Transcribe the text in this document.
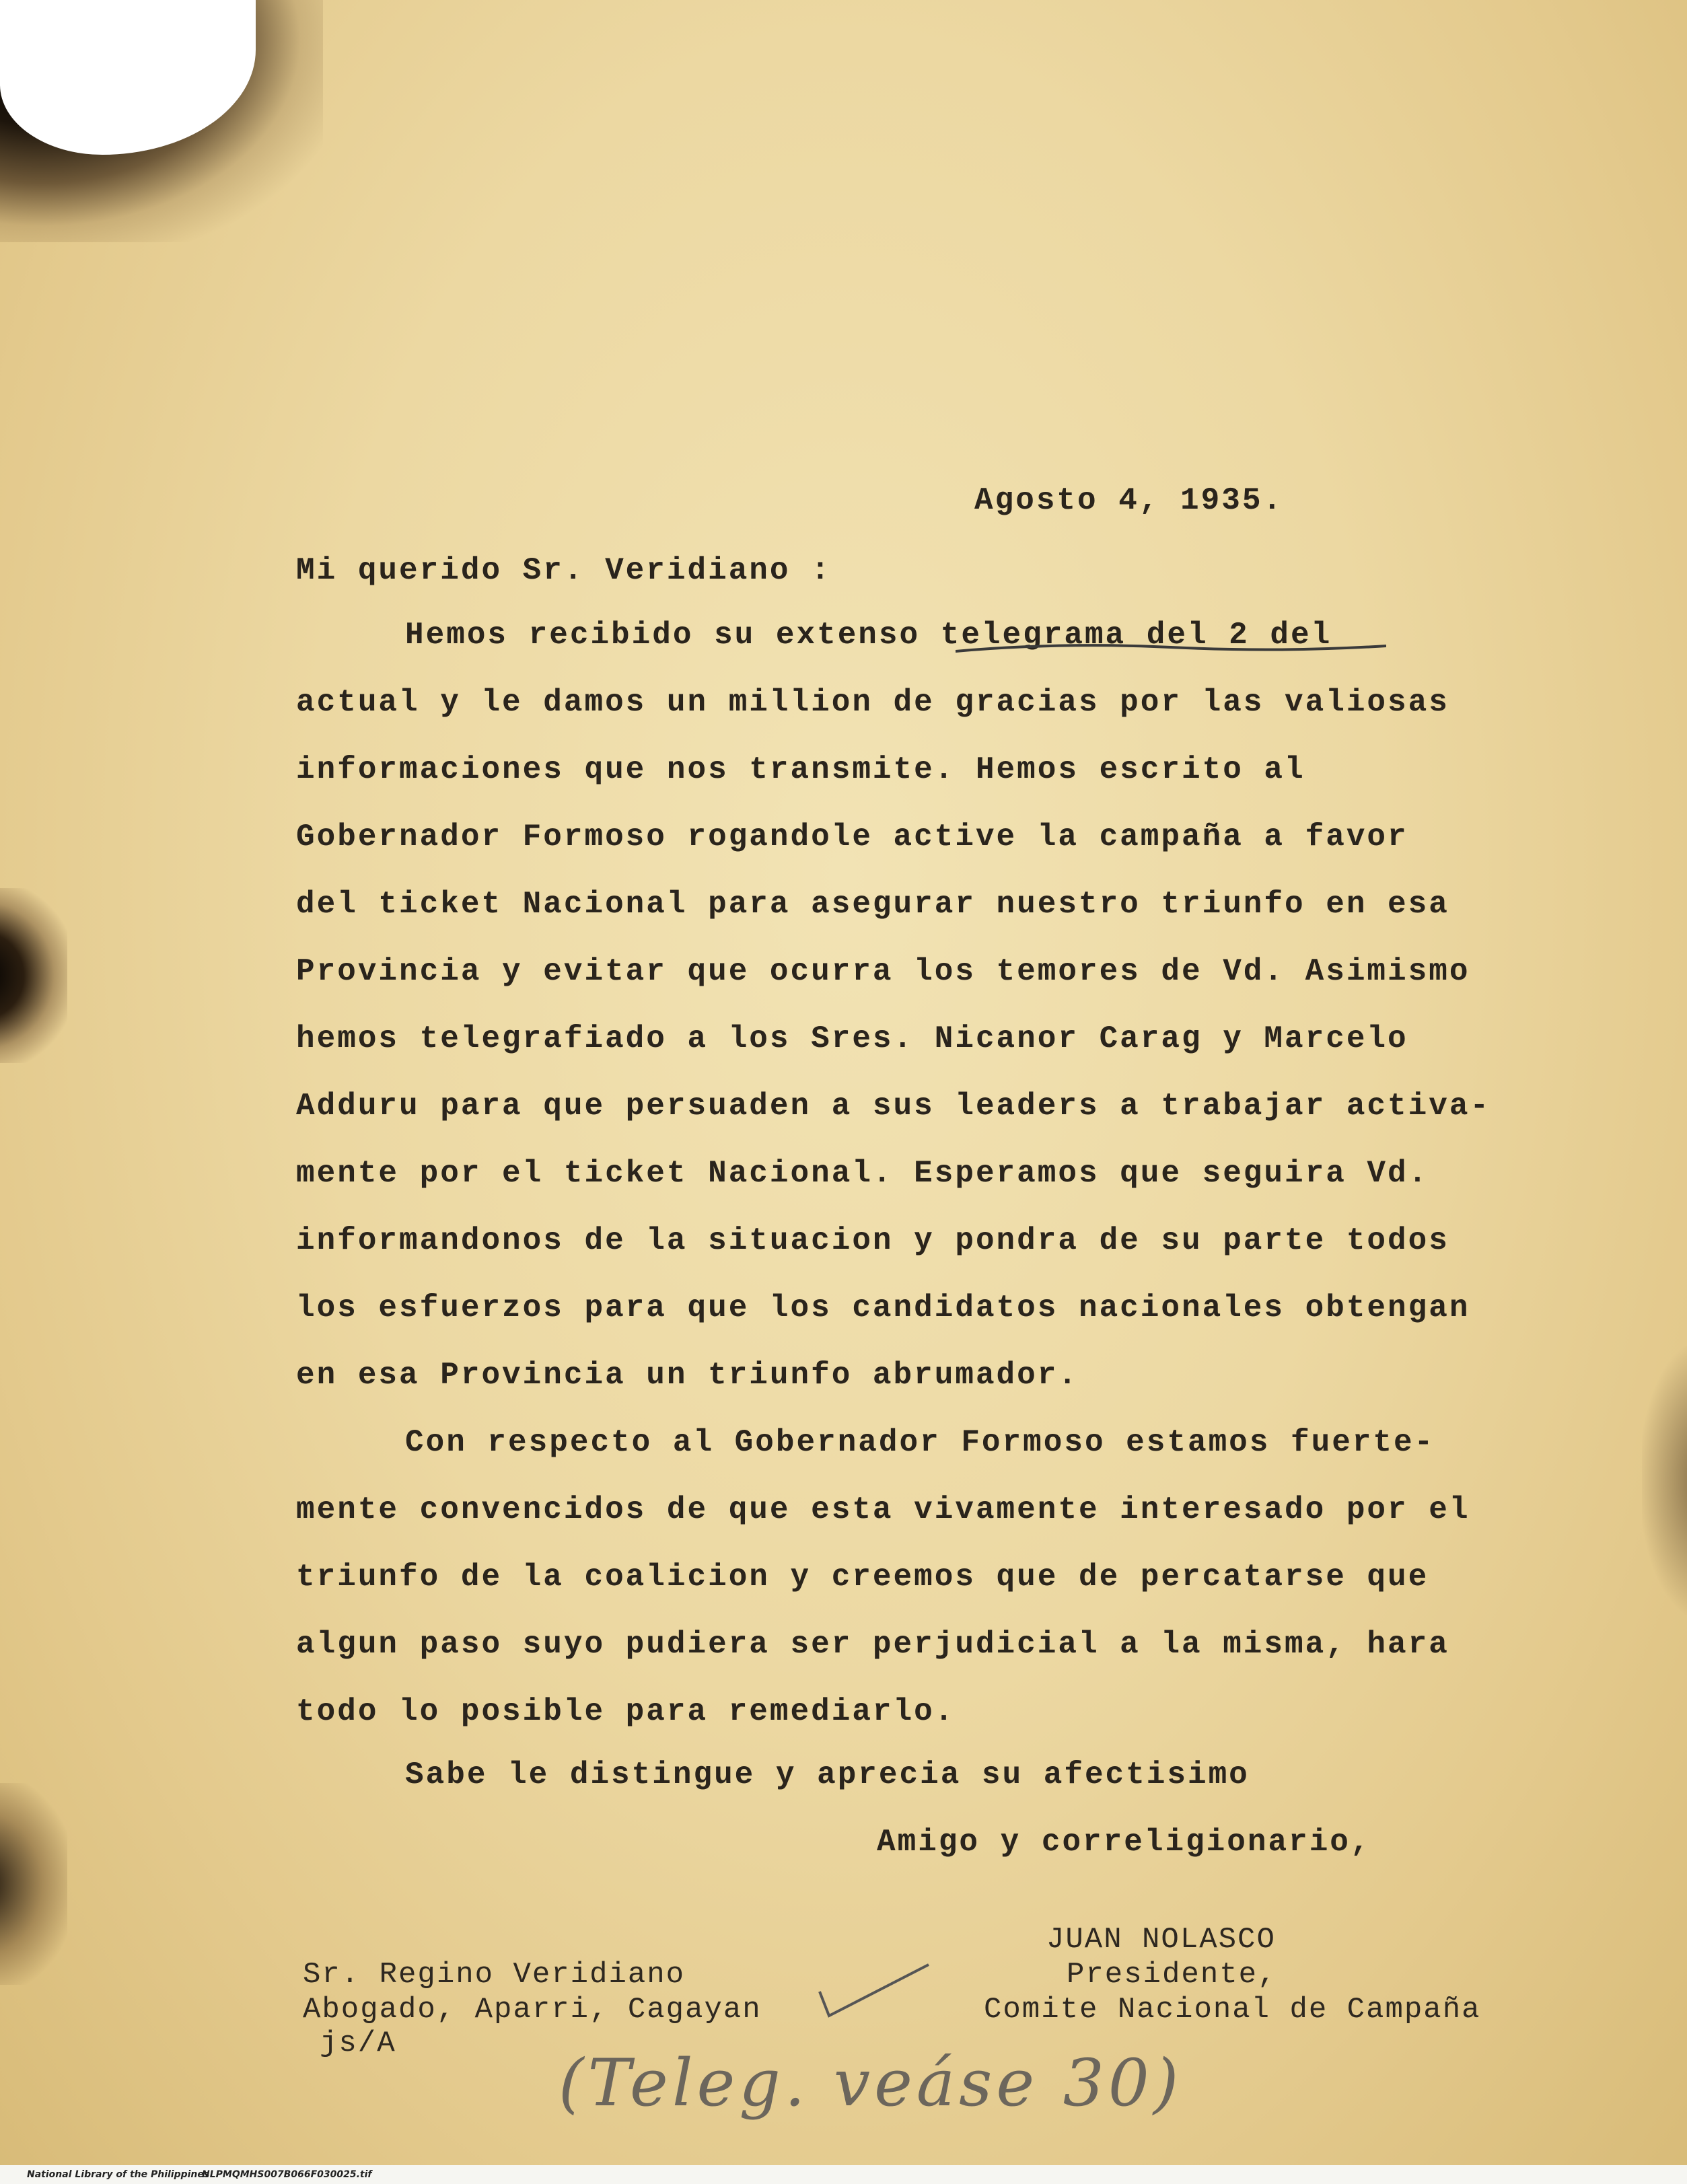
Agosto 4, 1935.
Mi querido Sr. Veridiano :
Hemos recibido su extenso telegrama del 2 del
actual y le damos un million de gracias por las valiosas
informaciones que nos transmite. Hemos escrito al
Gobernador Formoso rogandole active la campaña a favor
del ticket Nacional para asegurar nuestro triunfo en esa
Provincia y evitar que ocurra los temores de Vd. Asimismo
hemos telegrafiado a los Sres. Nicanor Carag y Marcelo
Adduru para que persuaden a sus leaders a trabajar activa-
mente por el ticket Nacional. Esperamos que seguira Vd.
informandonos de la situacion y pondra de su parte todos
los esfuerzos para que los candidatos nacionales obtengan
en esa Provincia un triunfo abrumador.
Con respecto al Gobernador Formoso estamos fuerte-
mente convencidos de que esta vivamente interesado por el
triunfo de la coalicion y creemos que de percatarse que
algun paso suyo pudiera ser perjudicial a la misma, hara
todo lo posible para remediarlo.
Sabe le distingue y aprecia su afectisimo
Amigo y correligionario,
JUAN NOLASCO
Presidente,
Comite Nacional de Campaña
Sr. Regino Veridiano
Abogado, Aparri, Cagayan
js/A
(Teleg. veáse 30)
National Library of the Philippines
NLPMQMHS007B066F030025.tif
